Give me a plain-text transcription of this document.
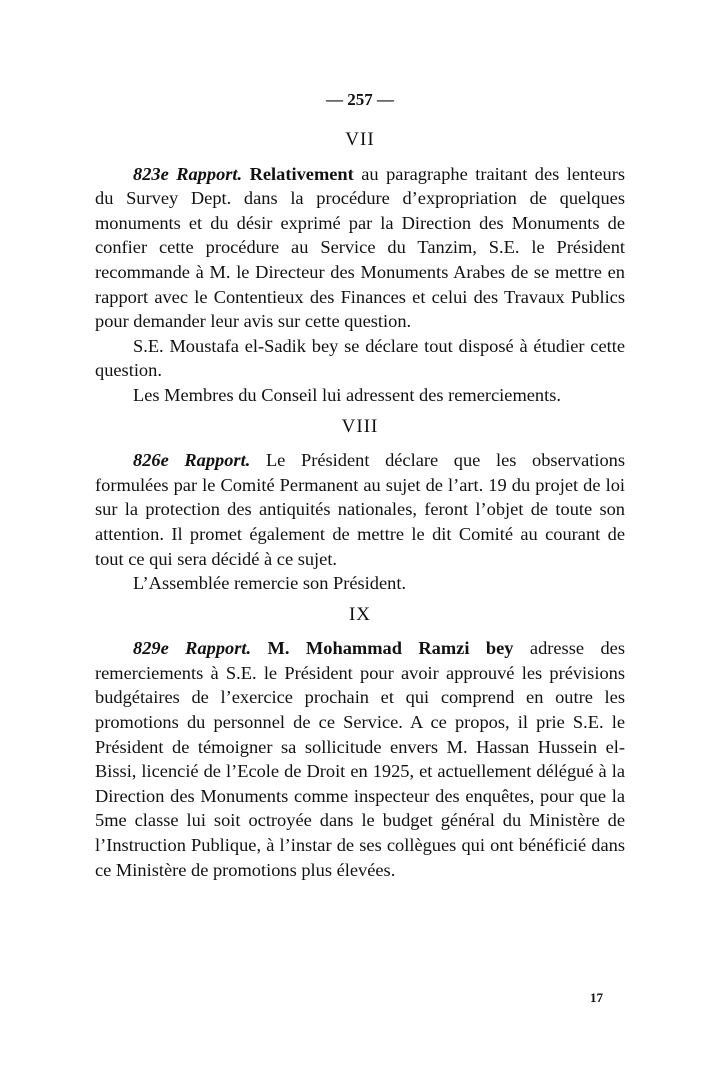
— 257 —
VII

823e Rapport. Relativement au paragraphe traitant des lenteurs du Survey Dept. dans la procédure d’expropriation de quelques monuments et du désir exprimé par la Direction des Monuments de confier cette procédure au Service du Tanzim, S.E. le Président recommande à M. le Directeur des Monuments Arabes de se mettre en rapport avec le Contentieux des Finances et celui des Travaux Publics pour demander leur avis sur cette question.

S.E. Moustafa el-Sadik bey se déclare tout disposé à étudier cette question.

Les Membres du Conseil lui adressent des remerciements.

VIII

826e Rapport. Le Président déclare que les observations formulées par le Comité Permanent au sujet de l’art. 19 du projet de loi sur la protection des antiquités nationales, feront l’objet de toute son attention. Il promet également de mettre le dit Comité au courant de tout ce qui sera décidé à ce sujet.

L’Assemblée remercie son Président.

IX

829e Rapport. M. Mohammad Ramzi bey adresse des remerciements à S.E. le Président pour avoir approuvé les prévisions budgétaires de l’exercice prochain et qui comprend en outre les promotions du personnel de ce Service. A ce propos, il prie S.E. le Président de témoigner sa sollicitude envers M. Hassan Hussein el-Bissi, licencié de l’Ecole de Droit en 1925, et actuellement délégué à la Direction des Monuments comme inspecteur des enquêtes, pour que la 5me classe lui soit octroyée dans le budget général du Ministère de l’Instruction Publique, à l’instar de ses collègues qui ont bénéficié dans ce Ministère de promotions plus élevées.

17
